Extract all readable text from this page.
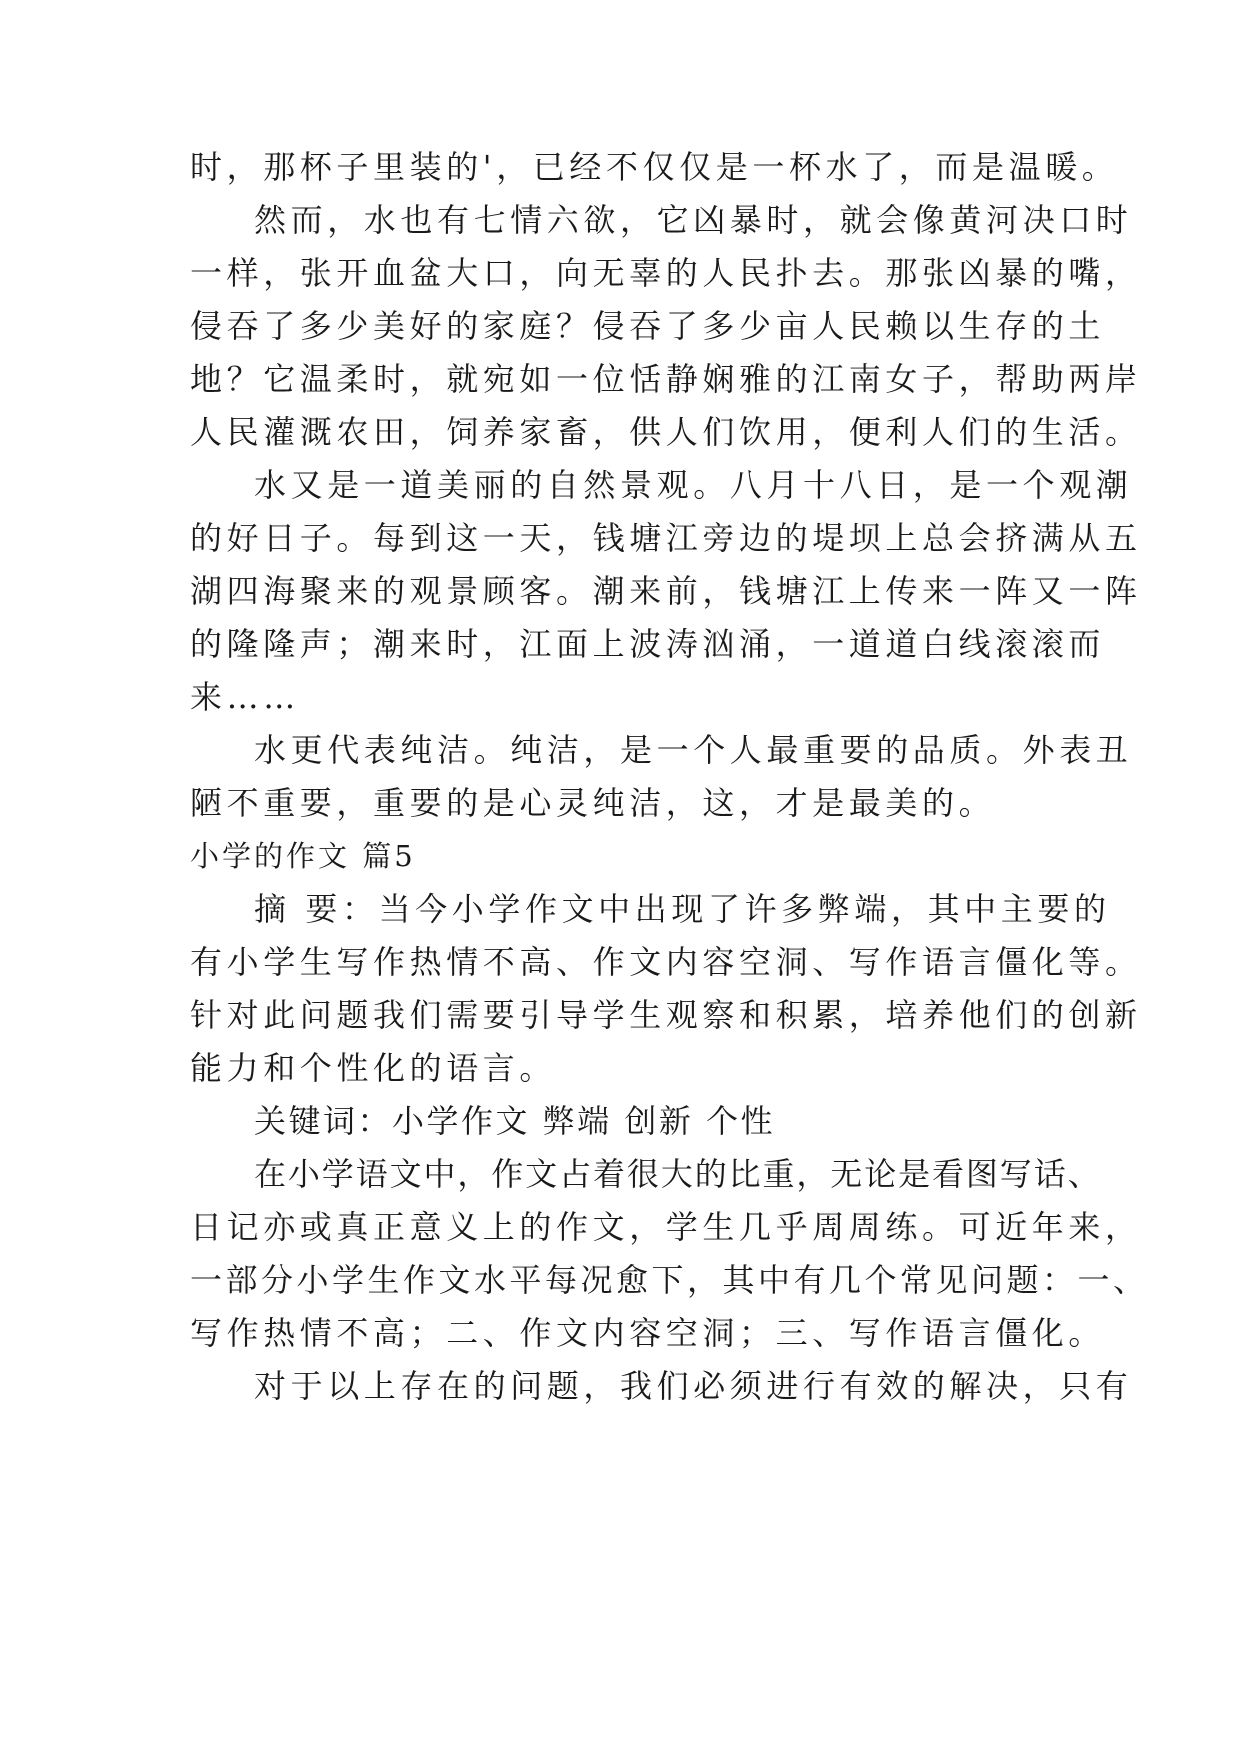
时，那杯子里装的'，已经不仅仅是一杯水了，而是温暖。
然而，水也有七情六欲，它凶暴时，就会像黄河决口时
一样，张开血盆大口，向无辜的人民扑去。那张凶暴的嘴，
侵吞了多少美好的家庭？侵吞了多少亩人民赖以生存的土
地？它温柔时，就宛如一位恬静娴雅的江南女子，帮助两岸
人民灌溉农田，饲养家畜，供人们饮用，便利人们的生活。
水又是一道美丽的自然景观。八月十八日，是一个观潮
的好日子。每到这一天，钱塘江旁边的堤坝上总会挤满从五
湖四海聚来的观景顾客。潮来前，钱塘江上传来一阵又一阵
的隆隆声；潮来时，江面上波涛汹涌，一道道白线滚滚而
来……
水更代表纯洁。纯洁，是一个人最重要的品质。外表丑
陋不重要，重要的是心灵纯洁，这，才是最美的。
小学的作文 篇5
摘 要：当今小学作文中出现了许多弊端，其中主要的
有小学生写作热情不高、作文内容空洞、写作语言僵化等。
针对此问题我们需要引导学生观察和积累，培养他们的创新
能力和个性化的语言。
关键词：小学作文 弊端 创新 个性
在小学语文中，作文占着很大的比重，无论是看图写话、
日记亦或真正意义上的作文，学生几乎周周练。可近年来，
一部分小学生作文水平每况愈下，其中有几个常见问题：一、
写作热情不高；二、作文内容空洞；三、写作语言僵化。
对于以上存在的问题，我们必须进行有效的解决，只有
